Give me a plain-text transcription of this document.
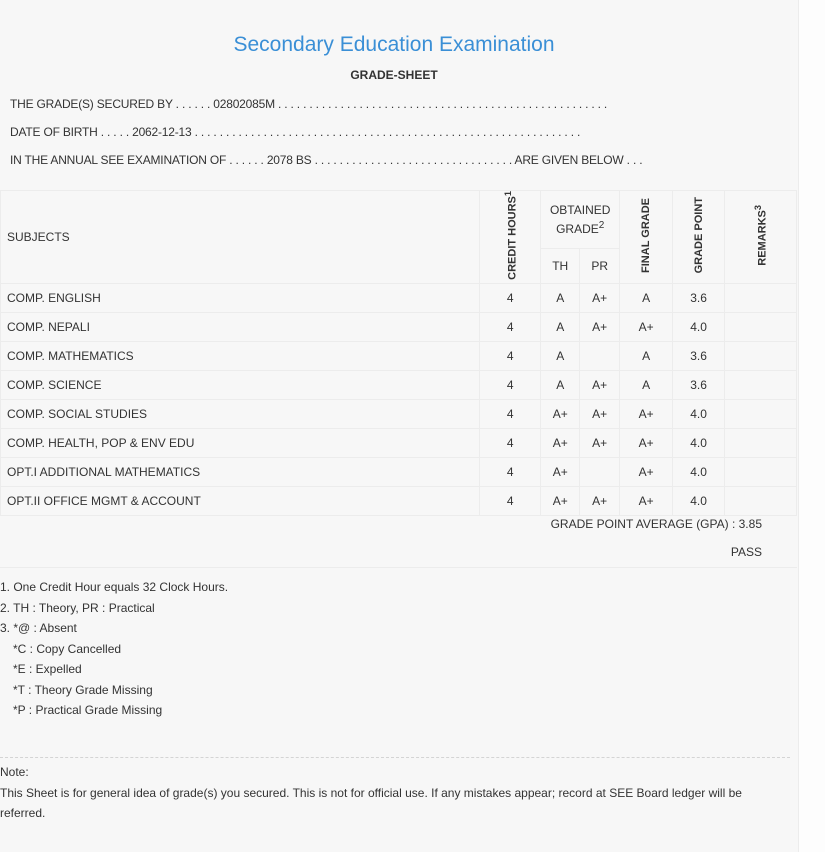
Secondary Education Examination
GRADE-SHEET
THE GRADE(S) SECURED BY . . . . . . 02802085M . . . . . . . . . . . . . . . . . . . . . . . . . . . . . . . . . . . . . . . . . . . . . . . . . . . . .
DATE OF BIRTH . . . . . 2062-12-13 . . . . . . . . . . . . . . . . . . . . . . . . . . . . . . . . . . . . . . . . . . . . . . . . . . . . . . . . . . . . . .
IN THE ANNUAL SEE EXAMINATION OF . . . . . . 2078 BS . . . . . . . . . . . . . . . . . . . . . . . . . . . . . . . . ARE GIVEN BELOW . . .
SUBJECTS	CREDIT HOURS$^1$	OBTAINED GRADE$^2$		FINAL GRADE	GRADE POINT	REMARKS$^3$
		TH	PR			
COMP. ENGLISH	4	A	A+	A	3.6	
COMP. NEPALI	4	A	A+	A+	4.0	
COMP. MATHEMATICS	4	A		A	3.6	
COMP. SCIENCE	4	A	A+	A	3.6	
COMP. SOCIAL STUDIES	4	A+	A+	A+	4.0	
COMP. HEALTH, POP & ENV EDU	4	A+	A+	A+	4.0	
OPT.I ADDITIONAL MATHEMATICS	4	A+		A+	4.0	
OPT.II OFFICE MGMT & ACCOUNT	4	A+	A+	A+	4.0	
GRADE POINT AVERAGE (GPA) : 3.85
PASS
1. One Credit Hour equals 32 Clock Hours.
2. TH : Theory, PR : Practical
3. *@ : Absent
*C : Copy Cancelled
*E : Expelled
*T : Theory Grade Missing
*P : Practical Grade Missing
Note:
This Sheet is for general idea of grade(s) you secured. This is not for official use. If any mistakes appear; record at SEE Board ledger will be referred.
